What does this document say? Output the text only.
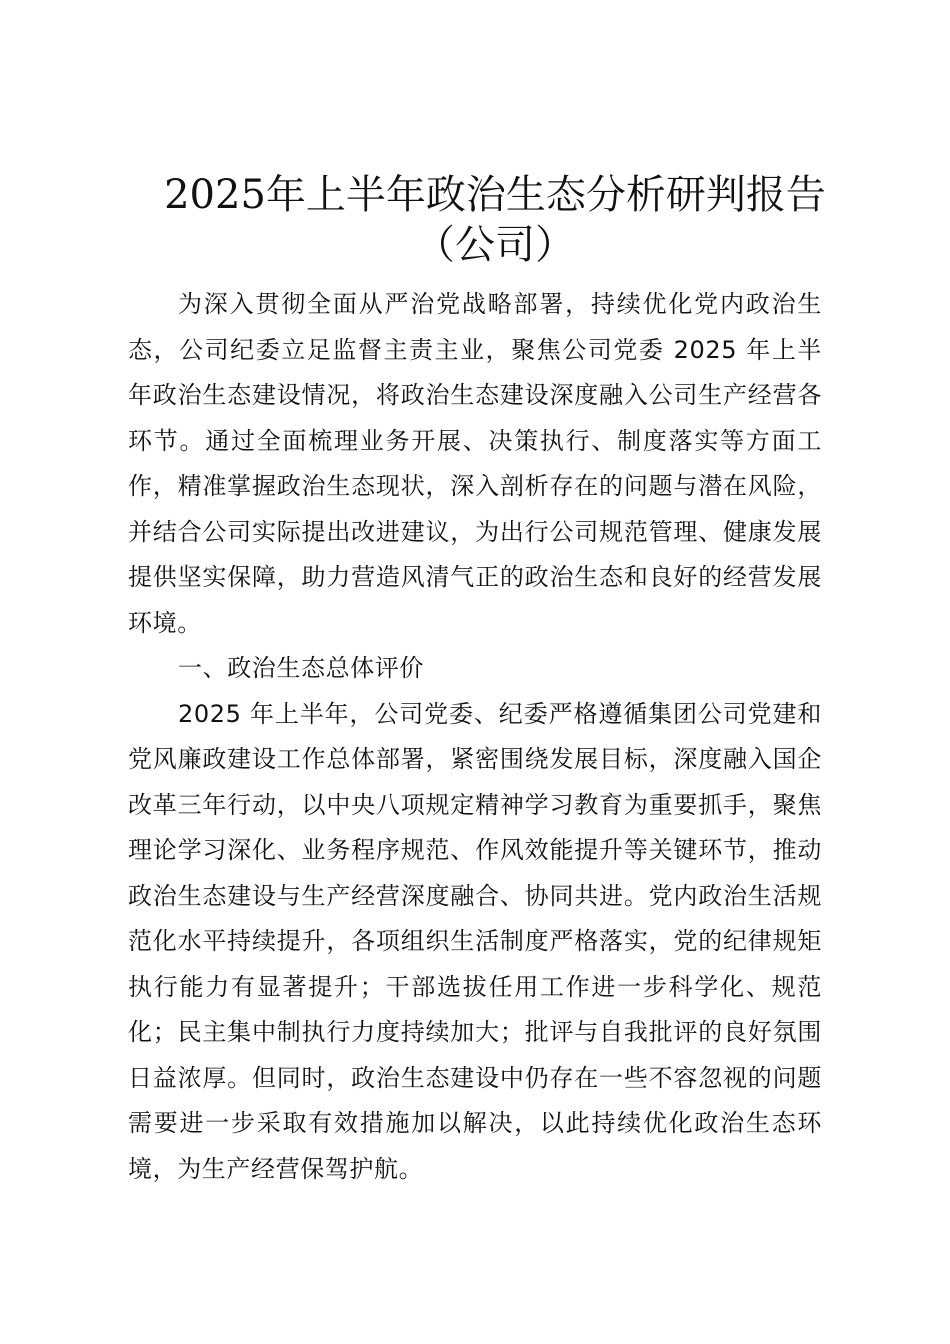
2025年上半年政治生态分析研判报告
（公司）

为深入贯彻全面从严治党战略部署，持续优化党内政治生态，公司纪委立足监督主责主业，聚焦公司党委 2025 年上半年政治生态建设情况，将政治生态建设深度融入公司生产经营各环节。通过全面梳理业务开展、决策执行、制度落实等方面工作，精准掌握政治生态现状，深入剖析存在的问题与潜在风险，并结合公司实际提出改进建议，为出行公司规范管理、健康发展提供坚实保障，助力营造风清气正的政治生态和良好的经营发展环境。

一、政治生态总体评价

2025 年上半年，公司党委、纪委严格遵循集团公司党建和党风廉政建设工作总体部署，紧密围绕发展目标，深度融入国企改革三年行动，以中央八项规定精神学习教育为重要抓手，聚焦理论学习深化、业务程序规范、作风效能提升等关键环节，推动政治生态建设与生产经营深度融合、协同共进。党内政治生活规范化水平持续提升，各项组织生活制度严格落实，党的纪律规矩执行能力有显著提升；干部选拔任用工作进一步科学化、规范化；民主集中制执行力度持续加大；批评与自我批评的良好氛围日益浓厚。但同时，政治生态建设中仍存在一些不容忽视的问题需要进一步采取有效措施加以解决，以此持续优化政治生态环境，为生产经营保驾护航。
